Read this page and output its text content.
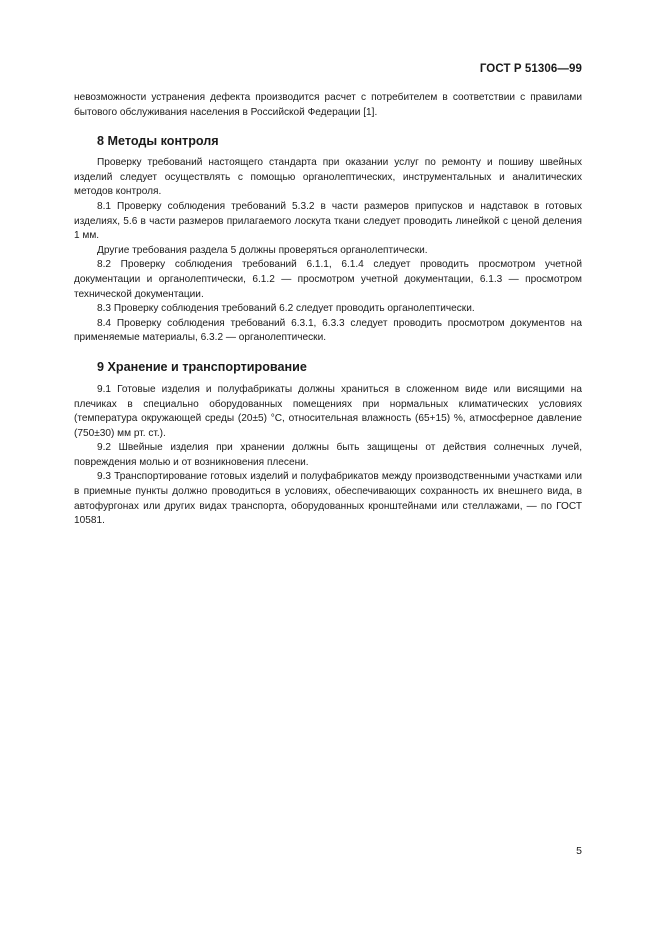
ГОСТ Р 51306—99

невозможности устранения дефекта производится расчет с потребителем в соответствии с правилами бытового обслуживания населения в Российской Федерации [1].

8 Методы контроля

Проверку требований настоящего стандарта при оказании услуг по ремонту и пошиву швейных изделий следует осуществлять с помощью органолептических, инструментальных и аналитических методов контроля.

8.1 Проверку соблюдения требований 5.3.2 в части размеров припусков и надставок в готовых изделиях, 5.6 в части размеров прилагаемого лоскута ткани следует проводить линейкой с ценой деления 1 мм.

Другие требования раздела 5 должны проверяться органолептически.

8.2 Проверку соблюдения требований 6.1.1, 6.1.4 следует проводить просмотром учетной документации и органолептически, 6.1.2 — просмотром учетной документации, 6.1.3 — просмотром технической документации.

8.3 Проверку соблюдения требований 6.2 следует проводить органолептически.

8.4 Проверку соблюдения требований 6.3.1, 6.3.3 следует проводить просмотром документов на применяемые материалы, 6.3.2 — органолептически.

9 Хранение и транспортирование

9.1 Готовые изделия и полуфабрикаты должны храниться в сложенном виде или висящими на плечиках в специально оборудованных помещениях при нормальных климатических условиях (температура окружающей среды (20±5) °С, относительная влажность (65+15) %, атмосферное давление (750±30) мм рт. ст.).

9.2 Швейные изделия при хранении должны быть защищены от действия солнечных лучей, повреждения молью и от возникновения плесени.

9.3 Транспортирование готовых изделий и полуфабрикатов между производственными участками или в приемные пункты должно проводиться в условиях, обеспечивающих сохранность их внешнего вида, в автофургонах или других видах транспорта, оборудованных кронштейнами или стеллажами, — по ГОСТ 10581.

5
